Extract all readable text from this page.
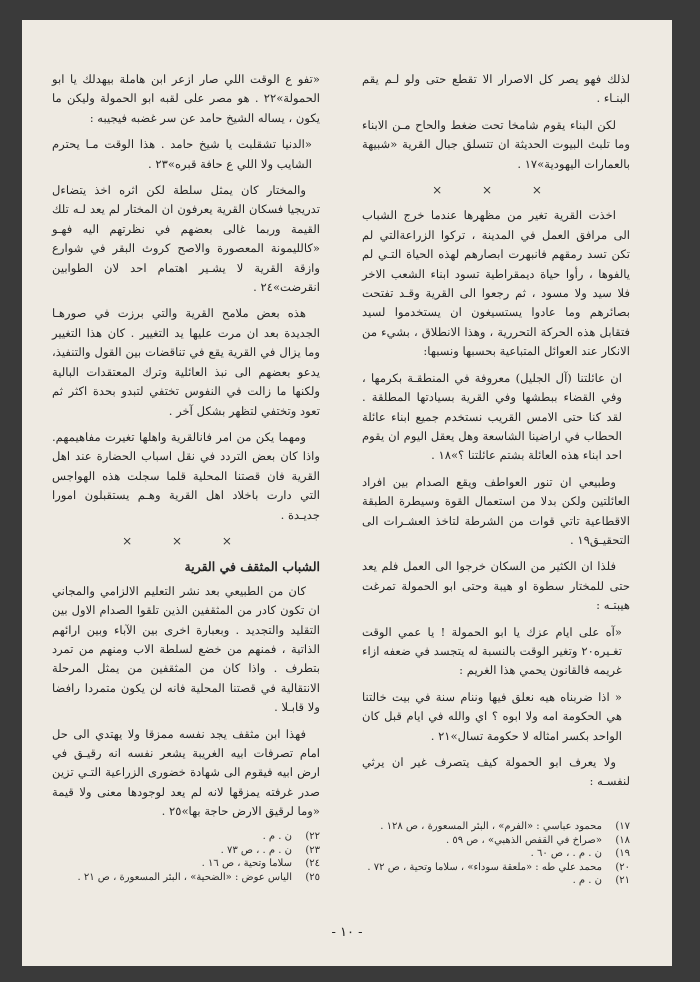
لذلك فهو يصر كل الاصرار الا تقطع حتى ولو لـم يقم البنـاء .

لكن البناء يقوم شامخا تحت ضغط والحاح مـن الابناء وما تلبث البيوت الحديثة ان تتسلق جبال القرية «شبيهة بالعمارات اليهودية»١٧ .

× × ×

اخذت القرية تغير من مظهرها عندما خرج الشباب الى مرافق العمل في المدينة ، تركوا الزراعةالتي لم تكن تسد رمقهم فانبهرت ابصارهم لهذه الحياة التـي لم يالفوها ، رأوا حياة ديمقراطية تسود ابناء الشعب الاخر فلا سيد ولا مسود ، ثم رجعوا الى القرية وقـد تفتحت بصائرهم وما عادوا يستسيغون ان يستخدموا لسيد فتقابل هذه الحركة التحررية ، وهذا الانطلاق ، بشيء من الانكار عند العوائل المتباعية بحسبها ونسبها:

ان عائلتنا (آل الجليل) معروفة في المنطقـة بكرمها ، وفي القضاء ببطشها وفي القرية بسيادتها المطلقة . لقد كنا حتى الامس القريب نستخدم جميع ابناء عائلة الحطاب في اراضينا الشاسعة وهل يعقل اليوم ان يقوم احد ابناء هذه العائلة بشتم عائلتنا ؟»١٨ .

وطبيعي ان تنور العواطف ويقع الصدام بين افراد العائلتين ولكن بدلا من استعمال القوة وسيطرة الطبقة الاقطاعية تاتي قوات من الشرطة لتاخذ العشـرات الى التحقيـق١٩ .

فلذا ان الكثير من السكان خرجوا الى العمل فلم يعد حتى للمختار سطوة او هيبة وحتى ابو الحمولة تمرغت هيبتـه :

«آه على ايام عزك يا ابو الحمولة ! يا عمي الوقت تغـيره٢٠ وتغير الوقت بالنسبة له يتجسد في ضعفه ازاء غريمه فالقانون يحمي هذا الغريم :

« اذا ضربناه هيه نعلق فيها وننام سنة في بيت خالتنا هي الحكومة امه ولا ابوه ؟ اي والله في ايام قبل كان الواحد بكسر امثاله لا حكومة تسال»٢١ .

ولا يعرف ابو الحمولة كيف يتصرف غير ان يرثي لنفسـه :

«تفو ع الوقت اللي صار ازعر ابن هاملة بيهدلك يا ابو الحمولة»٢٢ . هو مصر على لقبه ابو الحمولة وليكن ما يكون ، يساله الشيخ حامد عن سر غضبه فيجيبه :

«الدنيا تشقلبت يا شيخ حامد . هذا الوقت مـا يحترم الشايب ولا اللي ع حافة قبره»٢٣ .

والمختار كان يمثل سلطة لكن اثره اخذ يتضاءل تدريجيا فسكان القرية يعرفون ان المختار لم يعد لـه تلك القيمة وربما غالى بعضهم في نظرتهم اليه فهـو «كالليمونة المعصورة والاصح كروث البقر في شوارع وازقة القرية لا يشـير اهتمام احد لان الطوابين انقرضت»٢٤ .

هذه بعض ملامح القرية والتي برزت في صورهـا الجديدة بعد ان مرت عليها يد التغيير . كان هذا التغيير وما يزال في القرية يقع في تناقضات بين القول والتنفيذ، يدعو بعضهم الى نبذ العائلية وترك المعتقدات البالية ولكنها ما زالت في النفوس تختفي لتبدو بحدة اكثر ثم تعود وتختفي لتظهر بشكل آخر .

ومهما يكن من امر فانالقرية واهلها تغيرت مفاهيمهم. واذا كان بعض التردد في نقل اسباب الحضارة عند اهل القرية فان قصتنا المحلية قلما سجلت هذه الهواجس التي دارت باخلاد اهل القرية وهـم يستقبلون امورا جديـدة .

× × ×
الشباب المثقف في القرية

كان من الطبيعي بعد نشر التعليم الالزامي والمجاني ان تكون كادر من المثقفين الذين تلقوا الصدام الاول بين التقليد والتجديد . وبعبارة اخرى بين الآباء وبين ارائهم الذاتية ، فمنهم من خضع لسلطة الاب ومنهم من تمرد بتطرف . واذا كان من المثقفين من يمثل المرحلة الانتقالية في قصتنا المحلية فانه لن يكون متمردا رافضا ولا قابـلا .

فهذا ابن مثقف يجد نفسه ممزقا ولا يهتدي الى حل امام تصرفات ابيه الغريبة يشعر نفسه انه رقيـق في ارض ابيه فيقوم الى شهادة خضورى الزراعية التـي تزين صدر غرفته يمزقها لانه لم يعد لوجودها معنى ولا قيمة «وما لرقيق الارض حاجة بها»٢٥ .

١٧)
محمود عباسي : «الفرم» ، البئر المسعورة ، ص ١٢٨ .
١٨)
«صراخ في القفص الذهبي» ، ص ٥٩ .
١٩)
ن . م . ، ص ٦٠ .
٢٠)
محمد علي طه : «ملعقة سوداء» ، سلاما وتحية ، ص ٧٢ .
٢١)
ن . م .
٢٢)
ن . م .
٢٣)
ن . م . ، ص ٧٣ .
٢٤)
سلاما وتحية ، ص ١٦ .
٢٥)
الياس عوض : «الضحية» ، البئر المسعورة ، ص ٢١ .
- ١٠ -
